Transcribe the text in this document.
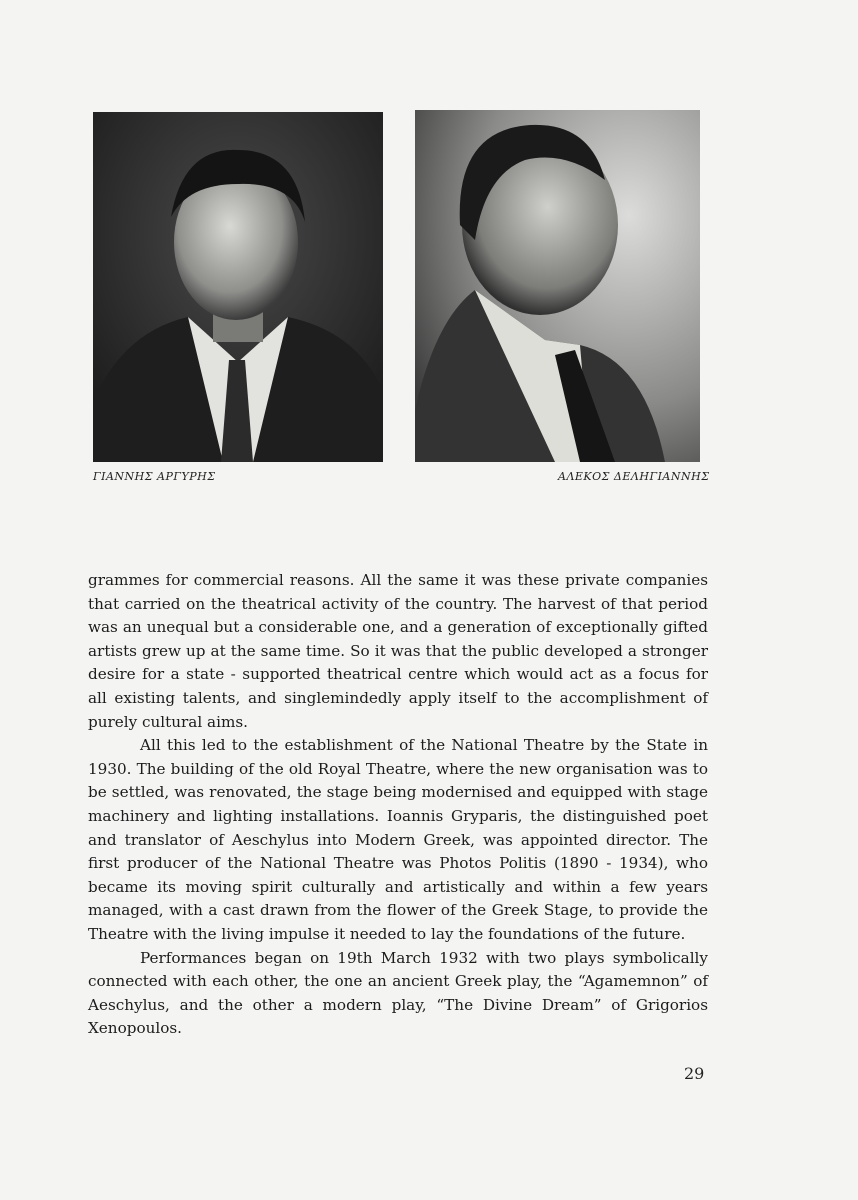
ΓΙΑΝΝΗΣ ΑΡΓΥΡΗΣ	ΑΛΕΚΟΣ ΔΕΛΗΓΙΑΝΝΗΣ

grammes for commercial reasons. All the same it was these private companies that carried on the theatrical activity of the country. The harvest of that period was an unequal but a considerable one, and a generation of exceptionally gifted artists grew up at the same time. So it was that the public developed a stronger desire for a state - supported theatrical centre which would act as a focus for all existing talents, and singlemindedly apply itself to the accomplishment of purely cultural aims.

All this led to the establishment of the National Theatre by the State in 1930. The building of the old Royal Theatre, where the new organisation was to be settled, was renovated, the stage being modernised and equipped with stage machinery and lighting installations. Ioannis Gryparis, the distinguished poet and translator of Aeschylus into Modern Greek, was appointed director. The first producer of the National Theatre was Photos Politis (1890 - 1934), who became its moving spirit culturally and artistically and within a few years managed, with a cast drawn from the flower of the Greek Stage, to provide the Theatre with the living impulse it needed to lay the foundations of the future.

Performances began on 19th March 1932 with two plays symbolically connected with each other, the one an ancient Greek play, the “Agamemnon” of Aeschylus, and the other a modern play, “The Divine Dream” of Grigorios Xenopoulos.

29
